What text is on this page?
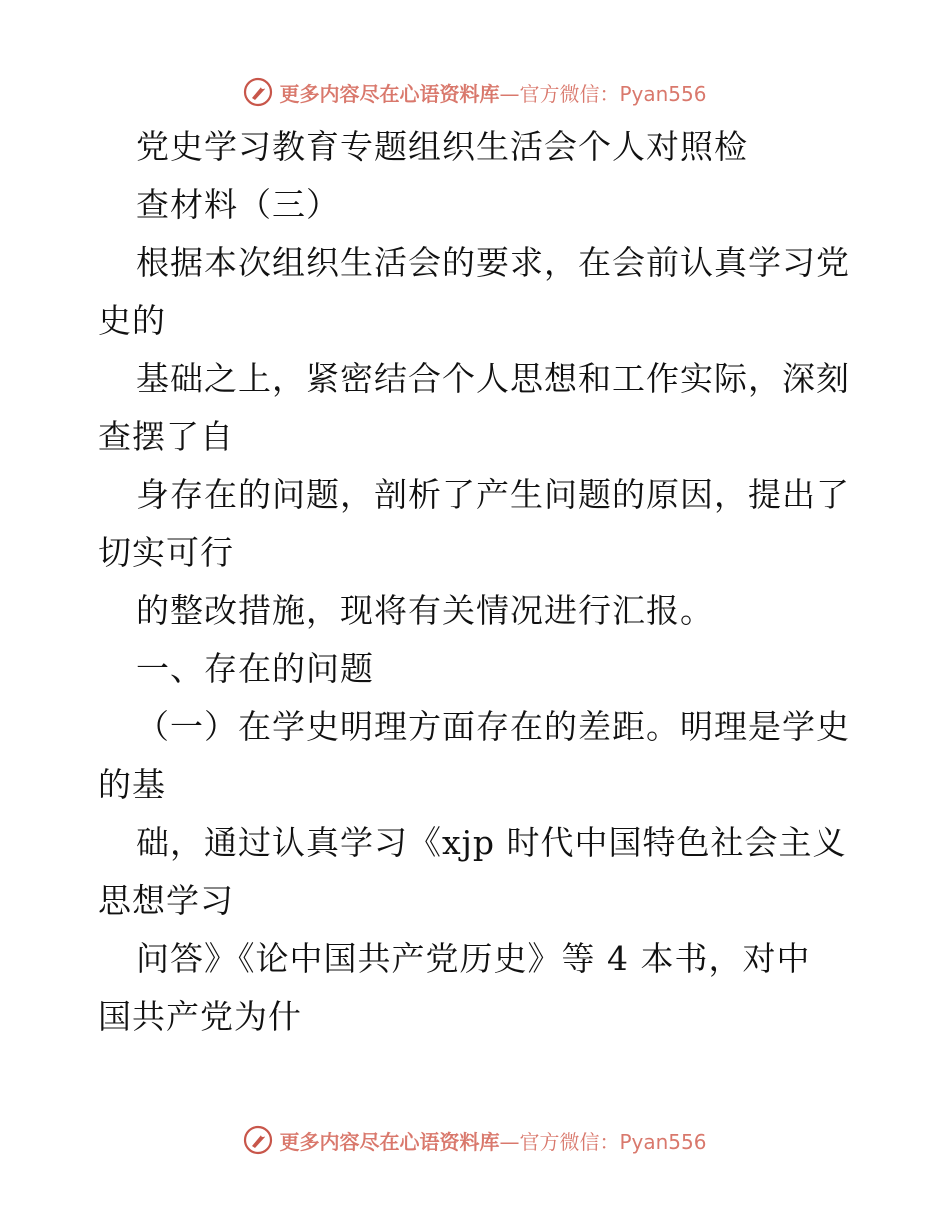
更多内容尽在心语资料库 —官方微信：Pyan556
党史学习教育专题组织生活会个人对照检
查材料（三）
根据本次组织生活会的要求，在会前认真学习党
史的
基础之上，紧密结合个人思想和工作实际，深刻
查摆了自
身存在的问题，剖析了产生问题的原因，提出了
切实可行
的整改措施，现将有关情况进行汇报。
一、存在的问题
（一）在学史明理方面存在的差距。明理是学史
的基
础，通过认真学习《xjp 时代中国特色社会主义
思想学习
问答》《论中国共产党历史》等 4 本书，对中
国共产党为什
更多内容尽在心语资料库 —官方微信：Pyan556
